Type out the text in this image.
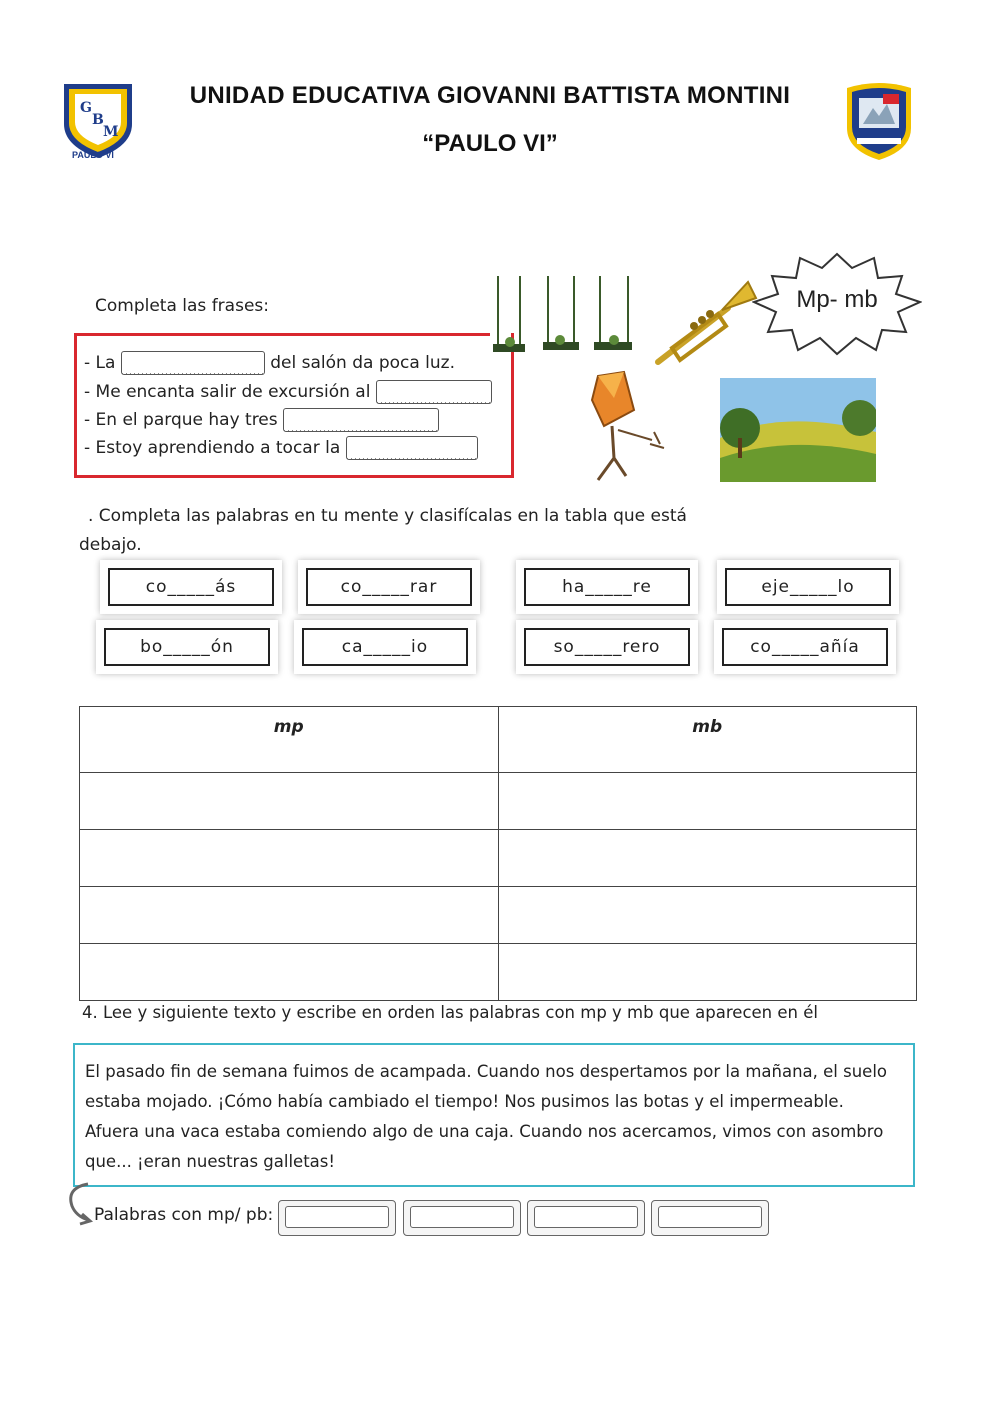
G
B
M
PAULO VI
UNIDAD EDUCATIVA GIOVANNI BATTISTA MONTINI
“PAULO VI”
Completa las frases:
- La	del salón da poca luz.
- Me encanta salir de excursión al
- En el parque hay tres
- Estoy aprendiendo a tocar la
Mp- mb
. Completa las palabras en tu mente y clasifícalas en la tabla que está
debajo.
co_____ás	co_____rar	ha_____re	eje_____lo
bo_____ón	ca_____io	so_____rero	co_____añía
mp	mb

4. Lee y siguiente texto y escribe en orden las palabras con mp y mb que aparecen en él
El pasado fin de semana fuimos de acampada. Cuando nos despertamos por la mañana, el suelo
estaba mojado. ¡Cómo había cambiado el tiempo! Nos pusimos las botas y el impermeable.
Afuera una vaca estaba comiendo algo de una caja. Cuando nos acercamos, vimos con asombro
que... ¡eran nuestras galletas!
Palabras con mp/ pb:
